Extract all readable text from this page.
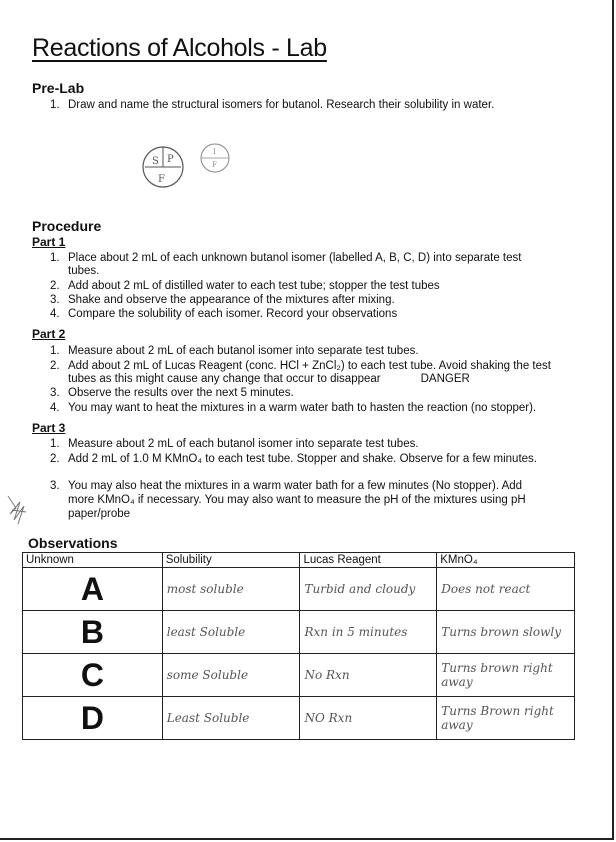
Reactions of Alcohols - Lab
Pre-Lab
1. Draw and name the structural isomers for butanol. Research their solubility in water.
S P
F
I
F
Procedure
Part 1
1. Place about 2 mL of each unknown butanol isomer (labelled A, B, C, D) into separate test
tubes.
2. Add about 2 mL of distilled water to each test tube; stopper the test tubes
3. Shake and observe the appearance of the mixtures after mixing.
4. Compare the solubility of each isomer. Record your observations
Part 2
1. Measure about 2 mL of each butanol isomer into separate test tubes.
2. Add about 2 mL of Lucas Reagent (conc. HCl + ZnCl₂) to each test tube. Avoid shaking the test
tubes as this might cause any change that occur to disappear	DANGER
3. Observe the results over the next 5 minutes.
4. You may want to heat the mixtures in a warm water bath to hasten the reaction (no stopper).
Part 3
1. Measure about 2 mL of each butanol isomer into separate test tubes.
2. Add 2 mL of 1.0 M KMnO₄ to each test tube. Stopper and shake. Observe for a few minutes.
3. You may also heat the mixtures in a warm water bath for a few minutes (No stopper). Add
more KMnO₄ if necessary. You may also want to measure the pH of the mixtures using pH
paper/probe
Observations
Unknown	Solubility	Lucas Reagent	KMnO₄
A	most soluble	Turbid and cloudy	Does not react
B	least Soluble	Rxn in 5 minutes	Turns brown slowly
C	some Soluble	No Rxn	Turns brown right away
D	Least Soluble	NO Rxn	Turns Brown right away
